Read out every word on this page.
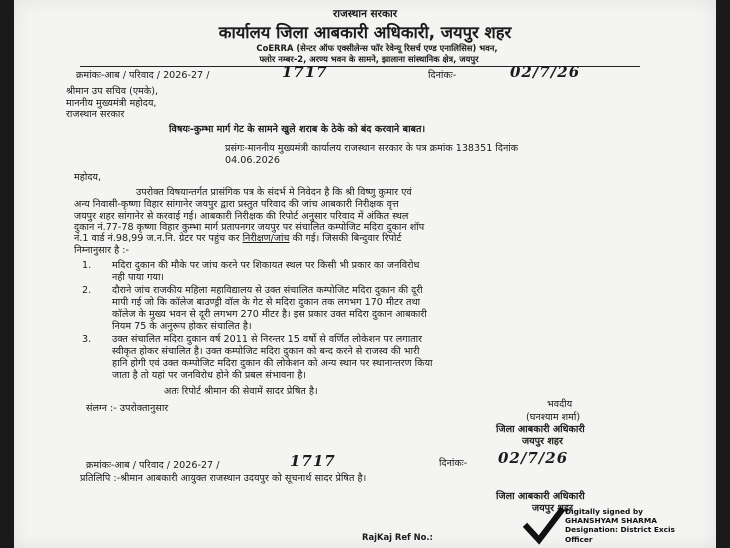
राजस्थान सरकार
कार्यालय जिला आबकारी अधिकारी, जयपुर शहर
CoERRA (सेन्टर ऑफ एक्सीलेन्स फॉर रेवेन्यू रिसर्च एण्ड एनालिसिस) भवन,
फ्लोर नम्बर-2, अरण्य भवन के सामने, झालाना सांस्थानिक क्षेत्र, जयपुर
क्रमांकः-आब / परिवाद / 2026-27 /	1717	दिनांकः-	02/7/26
श्रीमान उप सचिव (एमके),
माननीय मुख्यमंत्री महोदय,
राजस्थान सरकार
विषयः-कुम्भा मार्ग गेट के सामने खुले शराब के ठेके को बंद करवाने बाबत।
प्रसंगः-माननीय मुख्यमंत्री कार्यालय राजस्थान सरकार के पत्र क्रमांक 138351 दिनांक
04.06.2026
महोदय,
उपरोक्त विषयान्तर्गत प्रासंगिक पत्र के संदर्भ मे निवेदन है कि श्री विष्णु कुमार एवं
अन्य निवासी-कृष्णा विहार सांगानेर जयपुर द्वारा प्रस्तुत परिवाद की जांच आबकारी निरीक्षक वृत्त
जयपुर शहर सांगानेर से करवाई गई। आबकारी निरीक्षक की रिपोर्ट अनुसार परिवाद में अंकित स्थल
दुकान नं.77-78 कृष्णा विहार कुम्भा मार्ग प्रतापनगर जयपुर पर संचालित कम्पोजिट मदिरा दुकान शॉप
नं.1 वार्ड नं.98,99 ज.न.नि. ग्रेटर पर पहुंच कर निरीक्षण/जांच की गई। जिसकी बिन्दुवार रिपोर्ट
निम्नानुसार है :-
1. मदिरा दुकान की मौके पर जांच करने पर शिकायत स्थल पर किसी भी प्रकार का जनविरोध
नही पाया गया।
2. दौराने जांच राजकीय महिला महाविद्यालय से उक्त संचालित कम्पोजिट मदिरा दुकान की दूरी
मापी गई जो कि कॉलेज बाउण्ड्री वॉल के गेट से मदिरा दुकान तक लगभग 170 मीटर तथा
कॉलेज के मुख्य भवन से दूरी लगभग 270 मीटर है। इस प्रकार उक्त मदिरा दुकान आबकारी
नियम 75 के अनुरूप होकर संचालित है।
3. उक्त संचालित मदिरा दुकान वर्ष 2011 से निरन्तर 15 वर्षो से वर्णित लोकेशन पर लगातार
स्वीकृत होकर संचालित है। उक्त कम्पोजिट मदिरा दुकान को बन्द करने से राजस्व की भारी
हानि होगी एवं उक्त कम्पोजिट मदिरा दुकान की लोकेशन को अन्य स्थान पर स्थानान्तरण किया
जाता है तो यहां पर जनविरोध होने की प्रबल संभावना है।
अतः रिपोर्ट श्रीमान की सेवामें सादर प्रेषित है।
संलग्न :- उपरोक्तानुसार	भवदीय
(घनश्याम शर्मा)
जिला आबकारी अधिकारी
जयपुर शहर
क्रमांकः-आब / परिवाद / 2026-27 /	1717	दिनांकः- 02/7/26
प्रतिलिपि :-श्रीमान आबकारी आयुक्त राजस्थान उदयपुर को सूचनार्थ सादर प्रेषित है।
जिला आबकारी अधिकारी
जयपुर शहर
Digitally signed by
GHANSHYAM SHARMA
Designation: District Excis
Officer
RajKaj Ref No.:
